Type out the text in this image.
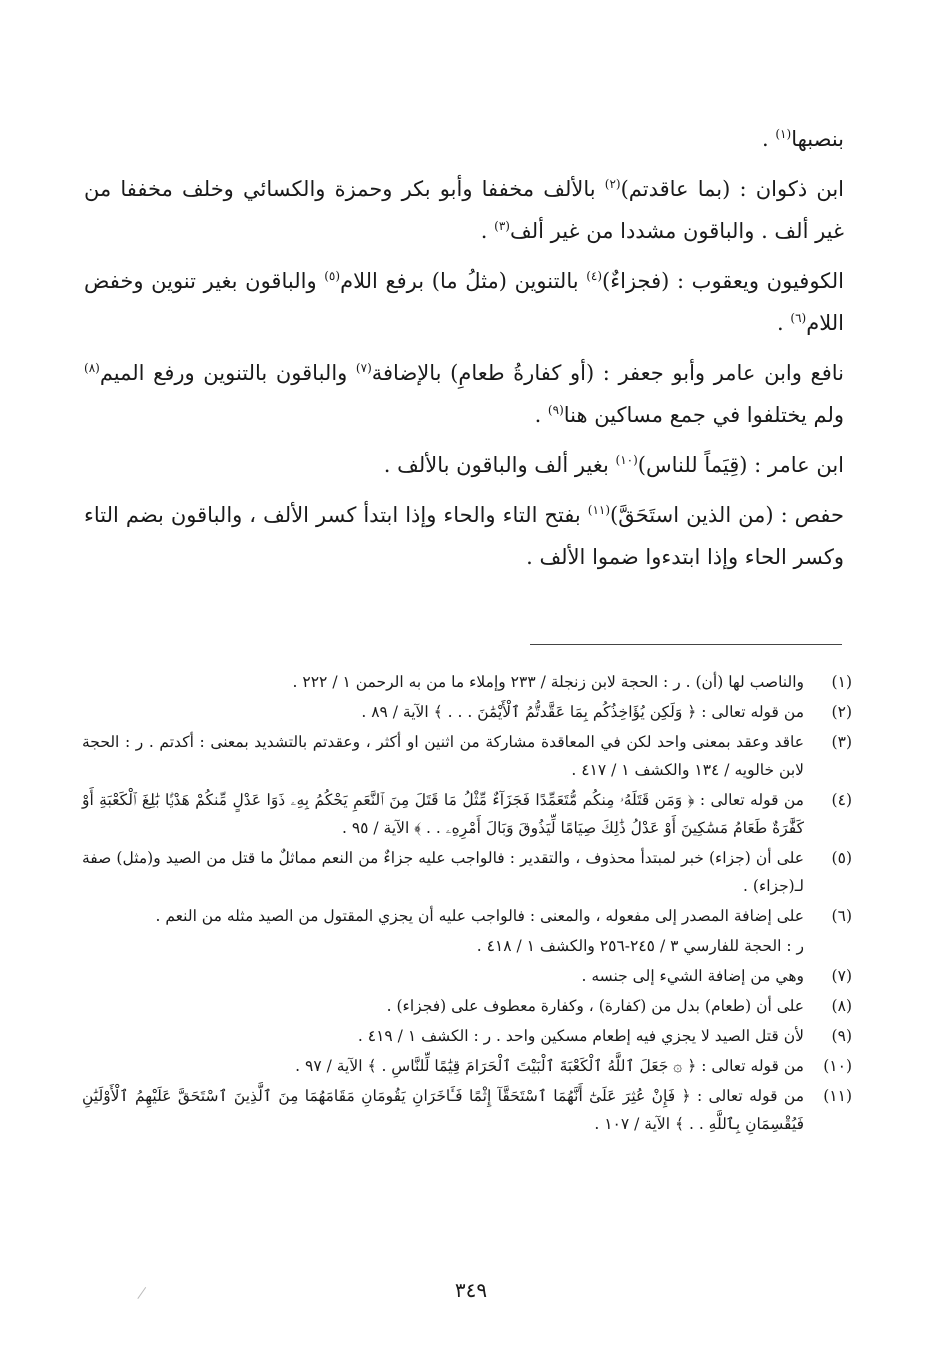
بنصبها$^{(١)}$ .

ابن ذكوان : (بما عاقدتم)$^{(٢)}$ بالألف مخففا وأبو بكر وحمزة والكسائي وخلف مخففا من غير ألف . والباقون مشددا من غير ألف$^{(٣)}$ .

الكوفيون ويعقوب : (فجزاءٌ)$^{(٤)}$ بالتنوين (مثلُ ما) برفع اللام$^{(٥)}$ والباقون بغير تنوين وخفض اللام$^{(٦)}$ .

نافع وابن عامر وأبو جعفر : (أو كفارةُ طعامِ) بالإضافة$^{(٧)}$ والباقون بالتنوين ورفع الميم$^{(٨)}$ ولم يختلفوا في جمع مساكين هنا$^{(٩)}$ .

ابن عامر : (قِيَماً للناس)$^{(١٠)}$ بغير ألف والباقون بالألف .

حفص : (من الذين استَحَقَّ)$^{(١١)}$ بفتح التاء والحاء وإذا ابتدأ كسر الألف ، والباقون بضم التاء وكسر الحاء وإذا ابتدءوا ضموا الألف .

(١)
والناصب لها (أن) . ر : الحجة لابن زنجلة / ٢٣٣ وإملاء ما من به الرحمن ١ / ٢٢٢ .
(٢)
من قوله تعالى : ﴿ وَلَكِن يُؤَاخِذُكُم بِمَا عَقَّدتُّمُ ٱلْأَيْمَٰنَ . . . ﴾ الآية / ٨٩ .
(٣)
عاقد وعقد بمعنى واحد لكن في المعاقدة مشاركة من اثنين او أكثر ، وعقدتم بالتشديد بمعنى : أكدتم . ر : الحجة لابن خالويه / ١٣٤ والكشف ١ / ٤١٧ .
(٤)
من قوله تعالى : ﴿ وَمَن قَتَلَهُۥ مِنكُم مُّتَعَمِّدًا فَجَزَآءٌ مِّثْلُ مَا قَتَلَ مِنَ ٱلنَّعَمِ يَحْكُمُ بِهِۦ ذَوَا عَدْلٍ مِّنكُمْ هَدْيًۢا بَٰلِغَ ٱلْكَعْبَةِ أَوْ كَفَّٰرَةٌ طَعَامُ مَسَٰكِينَ أَوْ عَدْلُ ذَٰلِكَ صِيَامًا لِّيَذُوقَ وَبَالَ أَمْرِهِۦ . . ﴾ الآية / ٩٥ .
(٥)
على أن (جزاء) خبر لمبتدأ محذوف ، والتقدير : فالواجب عليه جزاءٌ من النعم مماثلٌ ما قتل من الصيد و(مثل) صفة لـ(جزاء) .
(٦)
على إضافة المصدر إلى مفعوله ، والمعنى : فالواجب عليه أن يجزي المقتول من الصيد مثله من النعم .
ر : الحجة للفارسي ٣ / ٢٤٥-٢٥٦ والكشف ١ / ٤١٨ .
(٧)
وهي من إضافة الشيء إلى جنسه .
(٨)
على أن (طعام) بدل من (كفارة) ، وكفارة معطوف على (فجزاء) .
(٩)
لأن قتل الصيد لا يجزي فيه إطعام مسكين واحد . ر : الكشف ١ / ٤١٩ .
(١٠)
من قوله تعالى : ﴿ ۞ جَعَلَ ٱللَّهُ ٱلْكَعْبَةَ ٱلْبَيْتَ ٱلْحَرَامَ قِيَٰمًا لِّلنَّاسِ . ﴾ الآية / ٩٧ .
(١١)
من قوله تعالى : ﴿ فَإِنْ عُثِرَ عَلَىٰٓ أَنَّهُمَا ٱسْتَحَقَّآ إِثْمًا فَـَٔاخَرَانِ يَقُومَانِ مَقَامَهُمَا مِنَ ٱلَّذِينَ ٱسْتَحَقَّ عَلَيْهِمُ ٱلْأَوْلَيَٰنِ فَيُقْسِمَانِ بِٱللَّهِ . . ﴾ الآية / ١٠٧ .
٣٤٩
